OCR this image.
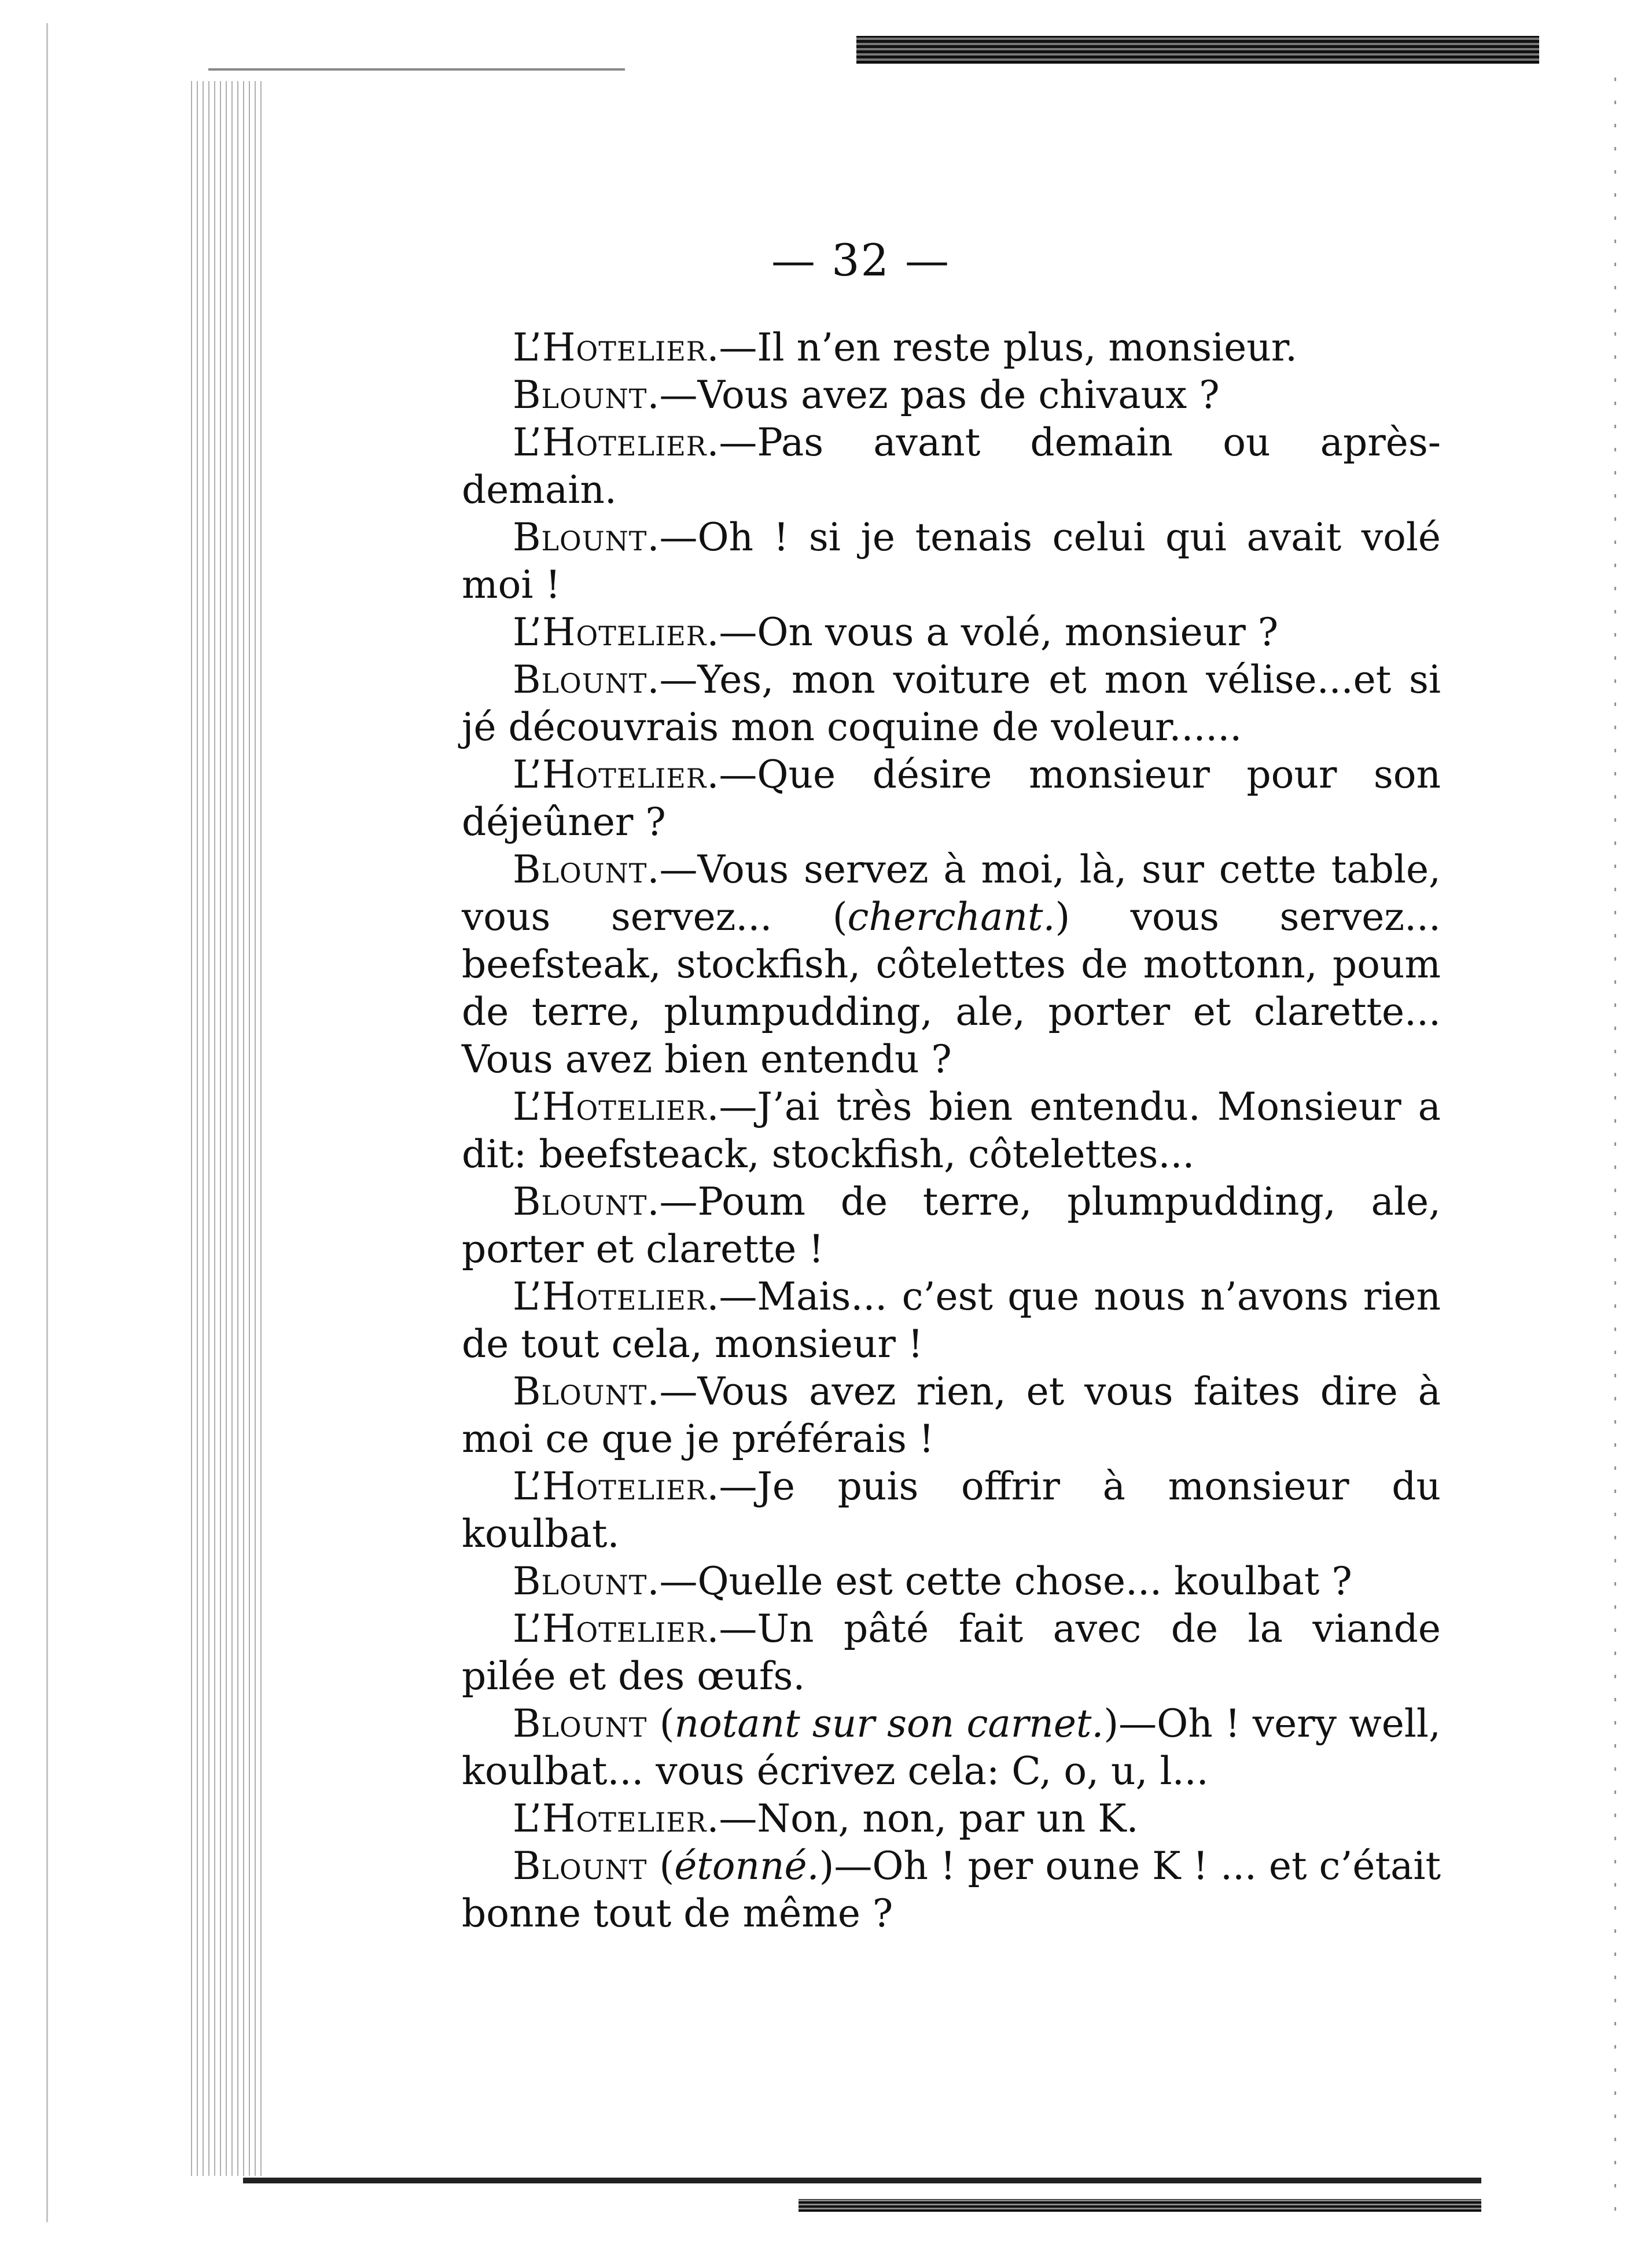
— 32 —

L’Hotelier.—Il n’en reste plus, monsieur.

Blount.—Vous avez pas de chivaux ?

L’Hotelier.—Pas avant demain ou après-demain.

Blount.—Oh ! si je tenais celui qui avait volé moi !

L’Hotelier.—On vous a volé, monsieur ?

Blount.—Yes, mon voiture et mon vélise...et si jé découvrais mon coquine de voleur......

L’Hotelier.—Que désire monsieur pour son déjeûner ?

Blount.—Vous servez à moi, là, sur cette table, vous servez... (cherchant.) vous servez... beefsteak, stockfish, côtelettes de mottonn, poum de terre, plumpudding, ale, porter et clarette... Vous avez bien entendu ?

L’Hotelier.—J’ai très bien entendu. Monsieur a dit: beefsteack, stockfish, côtelettes...

Blount.—Poum de terre, plumpudding, ale, porter et clarette !

L’Hotelier.—Mais... c’est que nous n’avons rien de tout cela, monsieur !

Blount.—Vous avez rien, et vous faites dire à moi ce que je préférais !

L’Hotelier.—Je puis offrir à monsieur du koulbat.

Blount.—Quelle est cette chose... koulbat ?

L’Hotelier.—Un pâté fait avec de la viande pilée et des œufs.

Blount (notant sur son carnet.)—Oh ! very well, koulbat... vous écrivez cela: C, o, u, l...

L’Hotelier.—Non, non, par un K.

Blount (étonné.)—Oh ! per oune K ! ... et c’était bonne tout de même ?
